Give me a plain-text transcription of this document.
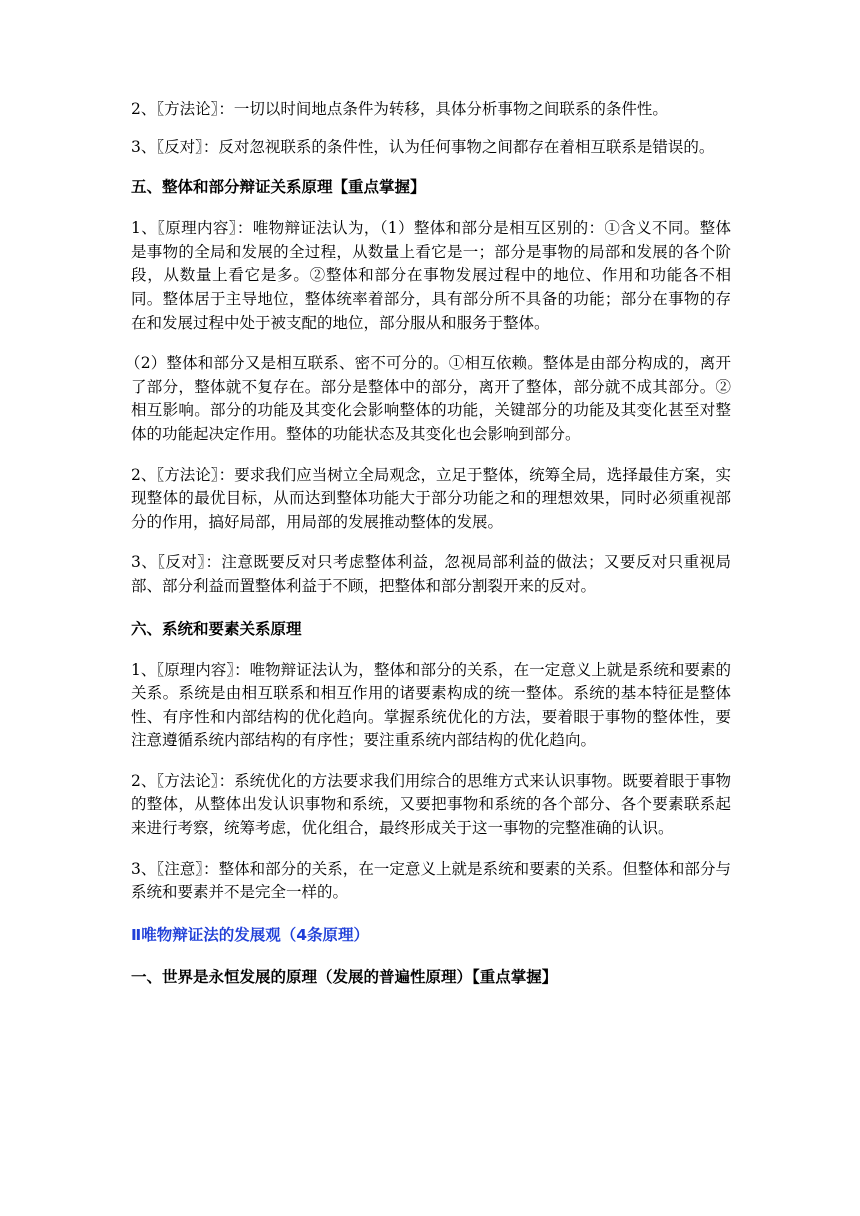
2、〖方法论〗：一切以时间地点条件为转移，具体分析事物之间联系的条件性。

3、〖反对〗：反对忽视联系的条件性，认为任何事物之间都存在着相互联系是错误的。

五、整体和部分辩证关系原理【重点掌握】

1、〖原理内容〗：唯物辩证法认为，（1）整体和部分是相互区别的：①含义不同。整体是事物的全局和发展的全过程，从数量上看它是一；部分是事物的局部和发展的各个阶段，从数量上看它是多。②整体和部分在事物发展过程中的地位、作用和功能各不相同。整体居于主导地位，整体统率着部分，具有部分所不具备的功能；部分在事物的存在和发展过程中处于被支配的地位，部分服从和服务于整体。

（2）整体和部分又是相互联系、密不可分的。①相互依赖。整体是由部分构成的，离开了部分，整体就不复存在。部分是整体中的部分，离开了整体，部分就不成其部分。②相互影响。部分的功能及其变化会影响整体的功能，关键部分的功能及其变化甚至对整体的功能起决定作用。整体的功能状态及其变化也会影响到部分。

2、〖方法论〗：要求我们应当树立全局观念，立足于整体，统筹全局，选择最佳方案，实现整体的最优目标，从而达到整体功能大于部分功能之和的理想效果，同时必须重视部分的作用，搞好局部，用局部的发展推动整体的发展。

3、〖反对〗：注意既要反对只考虑整体利益，忽视局部利益的做法；又要反对只重视局部、部分利益而置整体利益于不顾，把整体和部分割裂开来的反对。

六、系统和要素关系原理

1、〖原理内容〗：唯物辩证法认为，整体和部分的关系，在一定意义上就是系统和要素的关系。系统是由相互联系和相互作用的诸要素构成的统一整体。系统的基本特征是整体性、有序性和内部结构的优化趋向。掌握系统优化的方法，要着眼于事物的整体性，要注意遵循系统内部结构的有序性；要注重系统内部结构的优化趋向。

2、〖方法论〗：系统优化的方法要求我们用综合的思维方式来认识事物。既要着眼于事物的整体，从整体出发认识事物和系统，又要把事物和系统的各个部分、各个要素联系起来进行考察，统筹考虑，优化组合，最终形成关于这一事物的完整准确的认识。

3、〖注意〗：整体和部分的关系，在一定意义上就是系统和要素的关系。但整体和部分与系统和要素并不是完全一样的。

Ⅱ唯物辩证法的发展观（4条原理）
一、世界是永恒发展的原理（发展的普遍性原理）【重点掌握】
